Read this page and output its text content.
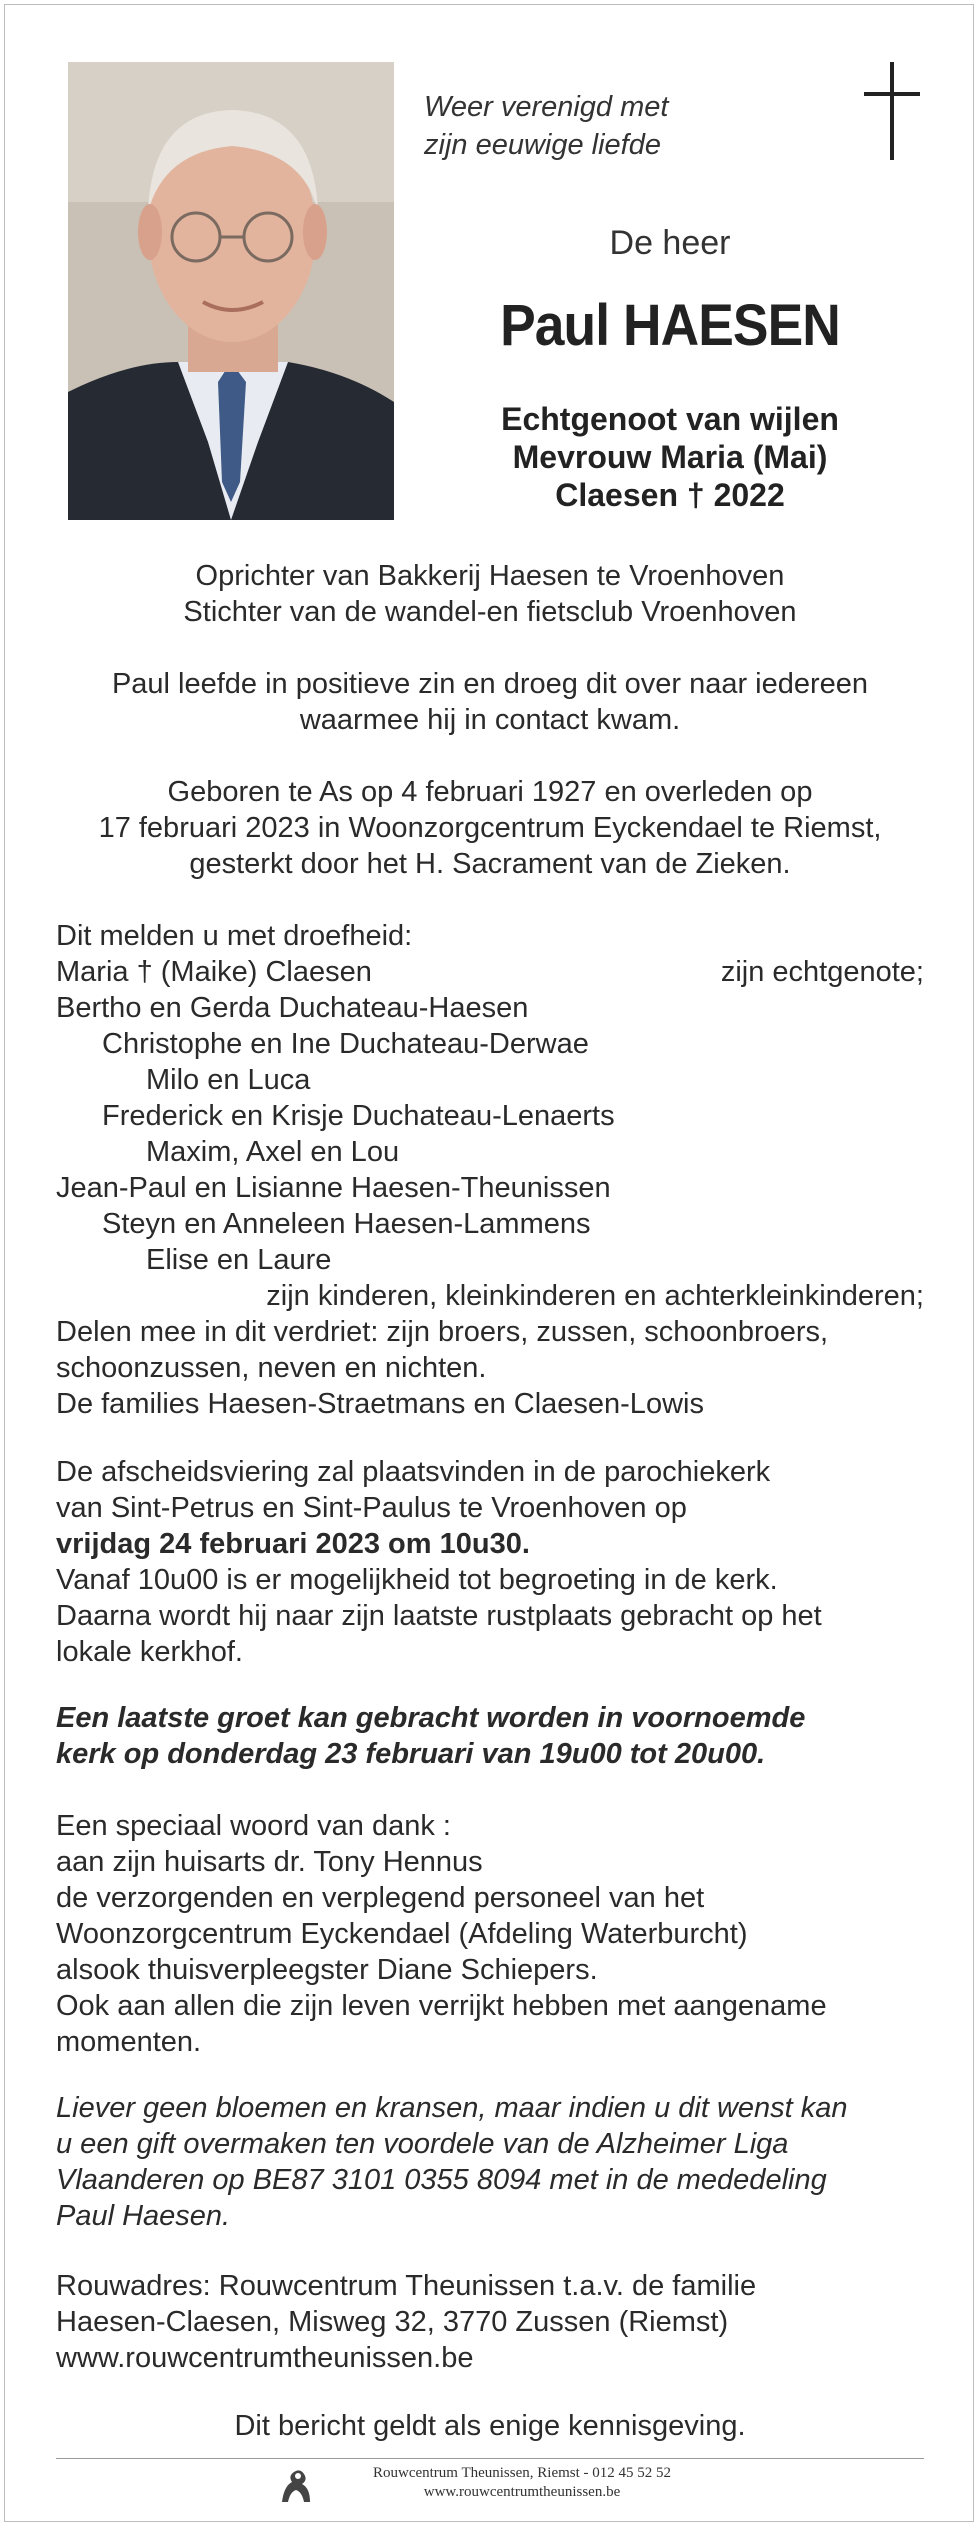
Weer verenigd met
zijn eeuwige liefde
De heer
Paul HAESEN
Echtgenoot van wijlen
Mevrouw Maria (Mai)
Claesen † 2022
Oprichter van Bakkerij Haesen te Vroenhoven
Stichter van de wandel-en fietsclub Vroenhoven
Paul leefde in positieve zin en droeg dit over naar iedereen
waarmee hij in contact kwam.
Geboren te As op 4 februari 1927 en overleden op
17 februari 2023 in Woonzorgcentrum Eyckendael te Riemst,
gesterkt door het H. Sacrament van de Zieken.
Dit melden u met droefheid:
Maria † (Maike) Claesen	zijn echtgenote;
Bertho en Gerda Duchateau-Haesen
Christophe en Ine Duchateau-Derwae
Milo en Luca
Frederick en Krisje Duchateau-Lenaerts
Maxim, Axel en Lou
Jean-Paul en Lisianne Haesen-Theunissen
Steyn en Anneleen Haesen-Lammens
Elise en Laure
zijn kinderen, kleinkinderen en achterkleinkinderen;
Delen mee in dit verdriet: zijn broers, zussen, schoonbroers,
schoonzussen, neven en nichten.
De families Haesen-Straetmans en Claesen-Lowis
De afscheidsviering zal plaatsvinden in de parochiekerk
van Sint-Petrus en Sint-Paulus te Vroenhoven op
vrijdag 24 februari 2023 om 10u30.
Vanaf 10u00 is er mogelijkheid tot begroeting in de kerk.
Daarna wordt hij naar zijn laatste rustplaats gebracht op het
lokale kerkhof.
Een laatste groet kan gebracht worden in voornoemde
kerk op donderdag 23 februari van 19u00 tot 20u00.
Een speciaal woord van dank :
aan zijn huisarts dr. Tony Hennus
de verzorgenden en verplegend personeel van het
Woonzorgcentrum Eyckendael (Afdeling Waterburcht)
alsook thuisverpleegster Diane Schiepers.
Ook aan allen die zijn leven verrijkt hebben met aangename
momenten.
Liever geen bloemen en kransen, maar indien u dit wenst kan
u een gift overmaken ten voordele van de Alzheimer Liga
Vlaanderen op BE87 3101 0355 8094 met in de mededeling
Paul Haesen.
Rouwadres: Rouwcentrum Theunissen t.a.v. de familie
Haesen-Claesen, Misweg 32, 3770 Zussen (Riemst)
www.rouwcentrumtheunissen.be
Dit bericht geldt als enige kennisgeving.
Rouwcentrum Theunissen, Riemst - 012 45 52 52
www.rouwcentrumtheunissen.be
